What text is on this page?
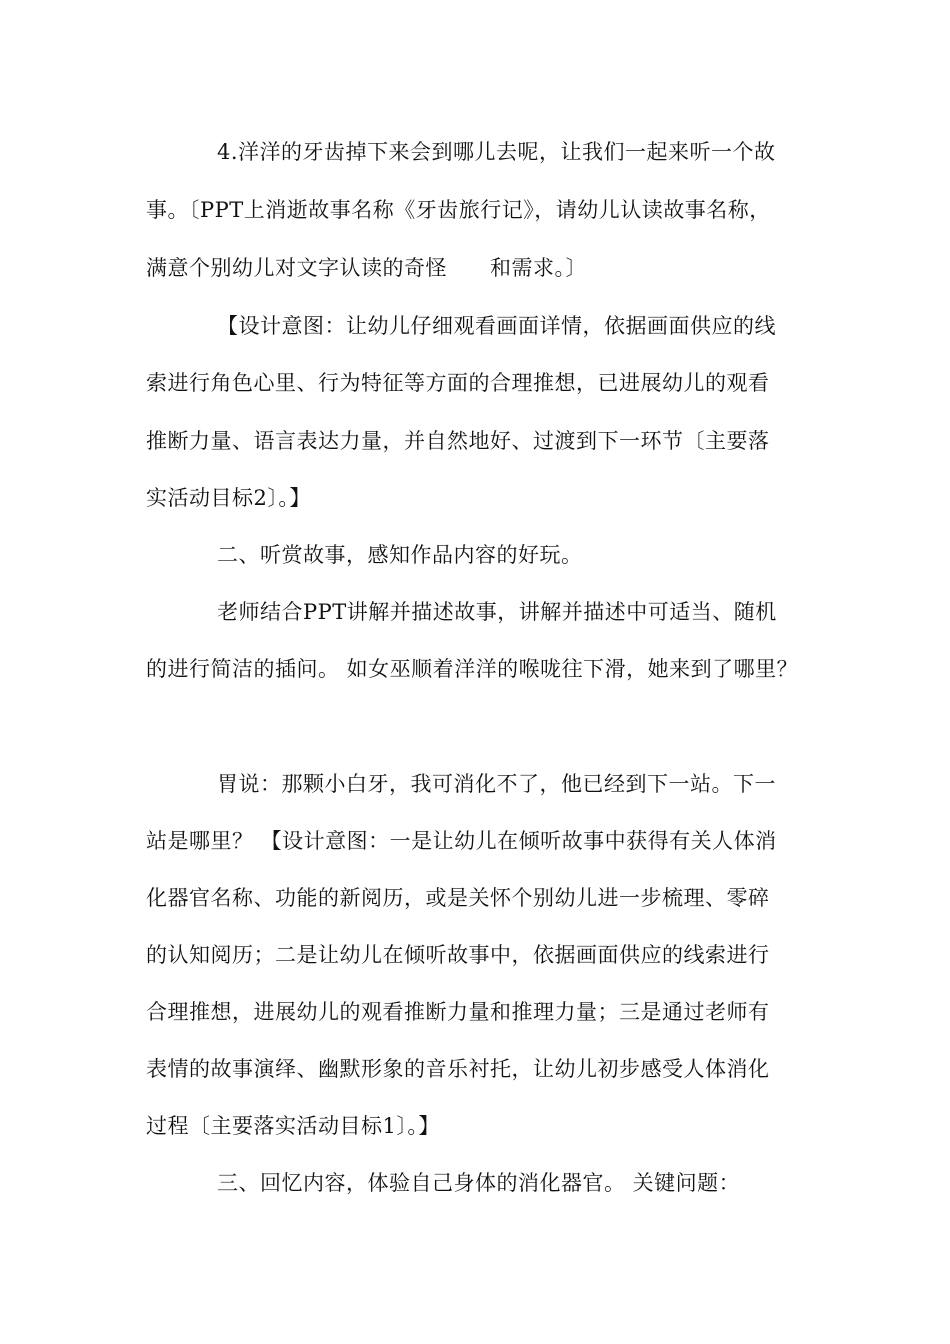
4.洋洋的牙齿掉下来会到哪儿去呢，让我们一起来听一个故
事。〔PPT上消逝故事名称《牙齿旅行记》，请幼儿认读故事名称，
满意个别幼儿对文字认读的奇怪　　和需求。〕
【设计意图：让幼儿仔细观看画面详情，依据画面供应的线
索进行角色心里、行为特征等方面的合理推想，已进展幼儿的观看
推断力量、语言表达力量，并自然地好、过渡到下一环节〔主要落
实活动目标2〕。】
二、听赏故事，感知作品内容的好玩。
老师结合PPT讲解并描述故事，讲解并描述中可适当、随机
的进行简洁的插问。 如女巫顺着洋洋的喉咙往下滑，她来到了哪里？
胃说：那颗小白牙，我可消化不了，他已经到下一站。下一
站是哪里？ 【设计意图：一是让幼儿在倾听故事中获得有关人体消
化器官名称、功能的新阅历，或是关怀个别幼儿进一步梳理、零碎
的认知阅历；二是让幼儿在倾听故事中，依据画面供应的线索进行
合理推想，进展幼儿的观看推断力量和推理力量；三是通过老师有
表情的故事演绎、幽默形象的音乐衬托，让幼儿初步感受人体消化
过程〔主要落实活动目标1〕。】
三、回忆内容，体验自己身体的消化器官。 关键问题：
